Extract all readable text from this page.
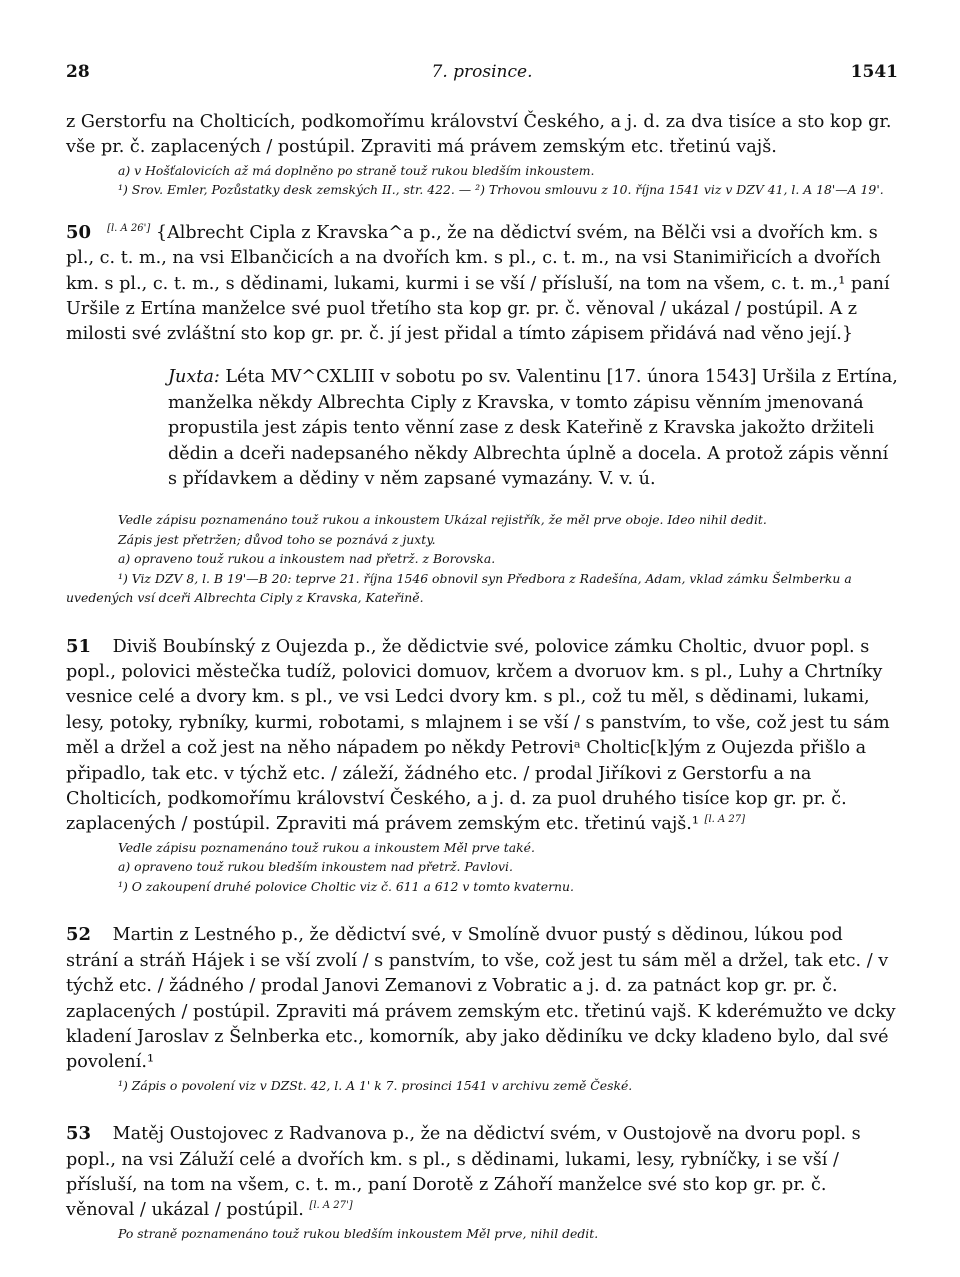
28	7. prosince.	1541

z Gerstorfu na Cholticích, podkomořímu království Českého, a j. d. za dva tisíce a sto kop gr. vše pr. č. zaplacených / postúpil. Zpraviti má právem zemským etc. třetinú vajš.

a) v Hošťalovicích až má doplněno po straně touž rukou bledším inkoustem.

¹) Srov. Emler, Pozůstatky desk zemských II., str. 422. — ²) Trhovou smlouvu z 10. října 1541 viz v DZV 41, l. A 18'—A 19'.

50 [l. A 26'] {Albrecht Cipla z Kravska^a p., že na dědictví svém, na Bělči vsi a dvořích km. s pl., c. t. m., na vsi Elbančicích a na dvořích km. s pl., c. t. m., na vsi Stanimiřicích a dvořích km. s pl., c. t. m., s dědinami, lukami, kurmi i se vší / přísluší, na tom na všem, c. t. m.,¹ paní Uršile z Ertína manželce své puol třetího sta kop gr. pr. č. věnoval / ukázal / postúpil. A z milosti své zvláštní sto kop gr. pr. č. jí jest přidal a tímto zápisem přidává nad věno její.}

Juxta: Léta MV^CXLIII v sobotu po sv. Valentinu [17. února 1543] Uršila z Ertína, manželka někdy Albrechta Ciply z Kravska, v tomto zápisu věnním jmenovaná propustila jest zápis tento věnní zase z desk Kateřině z Kravska jakožto držiteli dědin a dceři nadepsaného někdy Albrechta úplně a docela. A protož zápis věnní s přídavkem a dědiny v něm zapsané vymazány. V. v. ú.

Vedle zápisu poznamenáno touž rukou a inkoustem Ukázal rejistřík, že měl prve oboje. Ideo nihil dedit.

Zápis jest přetržen; důvod toho se poznává z juxty.

a) opraveno touž rukou a inkoustem nad přetrž. z Borovska.

¹) Viz DZV 8, l. B 19'—B 20: teprve 21. října 1546 obnovil syn Předbora z Radešína, Adam, vklad zámku Šelmberku a uvedených vsí dceři Albrechta Ciply z Kravska, Kateřině.

51 Diviš Boubínský z Oujezda p., že dědictvie své, polovice zámku Choltic, dvuor popl. s popl., polovici městečka tudíž, polovici domuov, krčem a dvoruov km. s pl., Luhy a Chrtníky vesnice celé a dvory km. s pl., ve vsi Ledci dvory km. s pl., což tu měl, s dědinami, lukami, lesy, potoky, rybníky, kurmi, robotami, s mlajnem i se vší / s panstvím, to vše, což jest tu sám měl a držel a což jest na něho nápadem po někdy Petroviᵃ Choltic[k]ým z Oujezda přišlo a připadlo, tak etc. v týchž etc. / záleží, žádného etc. / prodal Jiříkovi z Gerstorfu a na Cholticích, podkomořímu království Českého, a j. d. za puol druhého tisíce kop gr. pr. č. zaplacených / postúpil. Zpraviti má právem zemským etc. třetinú vajš.¹ [l. A 27]

Vedle zápisu poznamenáno touž rukou a inkoustem Měl prve také.

a) opraveno touž rukou bledším inkoustem nad přetrž. Pavlovi.

¹) O zakoupení druhé polovice Choltic viz č. 611 a 612 v tomto kvaternu.

52 Martin z Lestného p., že dědictví své, v Smolíně dvuor pustý s dědinou, lúkou pod strání a stráň Hájek i se vší zvolí / s panstvím, to vše, což jest tu sám měl a držel, tak etc. / v týchž etc. / žádného / prodal Janovi Zemanovi z Vobratic a j. d. za patnáct kop gr. pr. č. zaplacených / postúpil. Zpraviti má právem zemským etc. třetinú vajš. K kderémužto ve dcky kladení Jaroslav z Šelnberka etc., komorník, aby jako dědiníku ve dcky kladeno bylo, dal své povolení.¹

¹) Zápis o povolení viz v DZSt. 42, l. A 1' k 7. prosinci 1541 v archivu země České.

53 Matěj Oustojovec z Radvanova p., že na dědictví svém, v Oustojově na dvoru popl. s popl., na vsi Záluží celé a dvořích km. s pl., s dědinami, lukami, lesy, rybníčky, i se vší / přísluší, na tom na všem, c. t. m., paní Dorotě z Záhoří manželce své sto kop gr. pr. č. věnoval / ukázal / postúpil. [l. A 27']

Po straně poznamenáno touž rukou bledším inkoustem Měl prve, nihil dedit.
